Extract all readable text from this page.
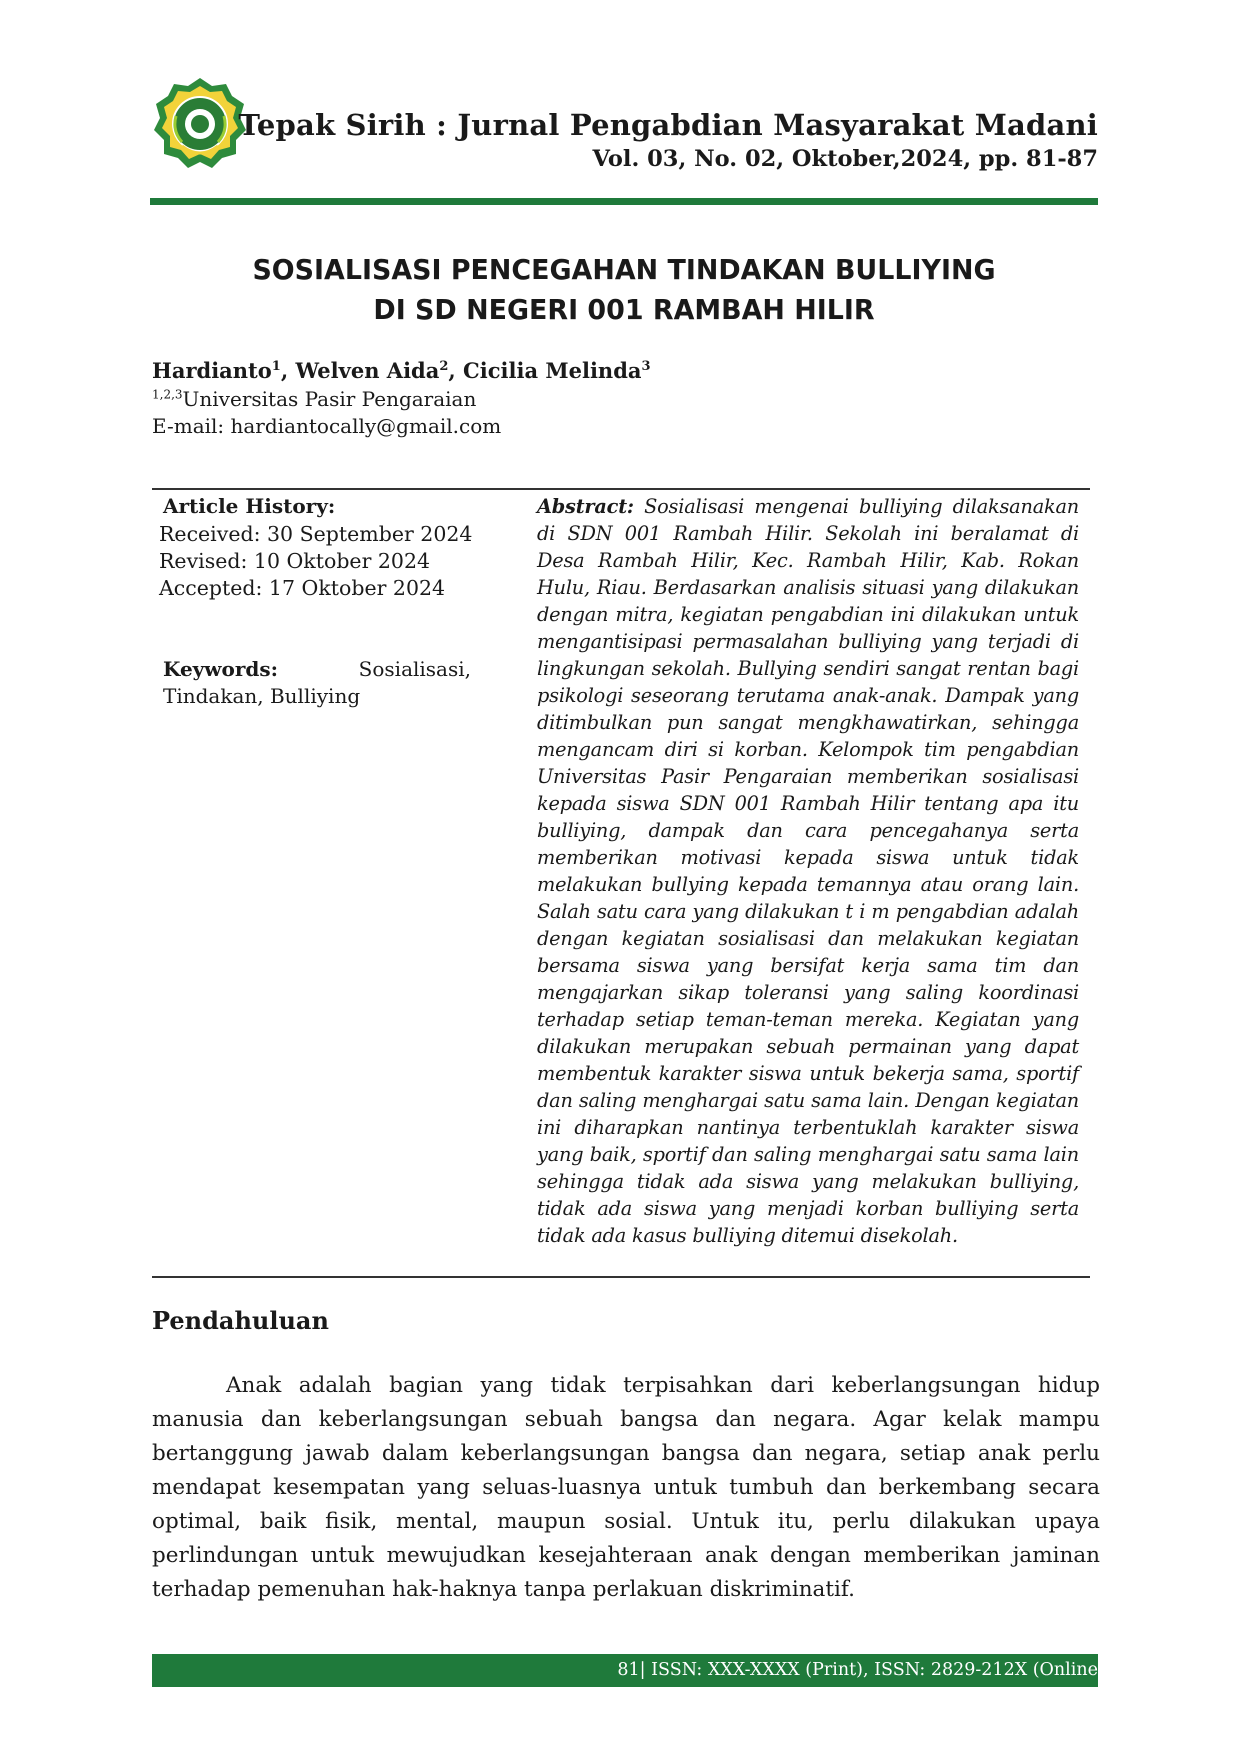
Tepak Sirih : Jurnal Pengabdian Masyarakat Madani
Vol. 03, No. 02, Oktober,2024, pp. 81-87
SOSIALISASI PENCEGAHAN TINDAKAN BULLIYING
DI SD NEGERI 001 RAMBAH HILIR
Hardianto$^1$, Welven Aida$^2$, Cicilia Melinda$^3$
$^{1,2,3}$Universitas Pasir Pengaraian
E-mail: hardiantocally@gmail.com
Article History:
Received: 30 September 2024
Revised: 10 Oktober 2024
Accepted: 17 Oktober 2024
Keywords:	Sosialisasi,
Tindakan, Bulliying
Abstract: Sosialisasi mengenai bulliying dilaksanakan di SDN 001 Rambah Hilir. Sekolah ini beralamat di Desa Rambah Hilir, Kec. Rambah Hilir, Kab. Rokan Hulu, Riau. Berdasarkan analisis situasi yang dilakukan dengan mitra, kegiatan pengabdian ini dilakukan untuk mengantisipasi permasalahan bulliying yang terjadi di lingkungan sekolah. Bullying sendiri sangat rentan bagi psikologi seseorang terutama anak-anak. Dampak yang ditimbulkan pun sangat mengkhawatirkan, sehingga mengancam diri si korban. Kelompok tim pengabdian Universitas Pasir Pengaraian memberikan sosialisasi kepada siswa SDN 001 Rambah Hilir tentang apa itu bulliying, dampak dan cara pencegahanya serta memberikan motivasi kepada siswa untuk tidak melakukan bullying kepada temannya atau orang lain. Salah satu cara yang dilakukan t i m pengabdian adalah dengan kegiatan sosialisasi dan melakukan kegiatan bersama siswa yang bersifat kerja sama tim dan mengajarkan sikap toleransi yang saling koordinasi terhadap setiap teman-teman mereka. Kegiatan yang dilakukan merupakan sebuah permainan yang dapat membentuk karakter siswa untuk bekerja sama, sportif dan saling menghargai satu sama lain. Dengan kegiatan ini diharapkan nantinya terbentuklah karakter siswa yang baik, sportif dan saling menghargai satu sama lain sehingga tidak ada siswa yang melakukan bulliying, tidak ada siswa yang menjadi korban bulliying serta tidak ada kasus bulliying ditemui disekolah.
Pendahuluan
Anak adalah bagian yang tidak terpisahkan dari keberlangsungan hidup manusia dan keberlangsungan sebuah bangsa dan negara. Agar kelak mampu bertanggung jawab dalam keberlangsungan bangsa dan negara, setiap anak perlu mendapat kesempatan yang seluas-luasnya untuk tumbuh dan berkembang secara optimal, baik fisik, mental, maupun sosial. Untuk itu, perlu dilakukan upaya perlindungan untuk mewujudkan kesejahteraan anak dengan memberikan jaminan terhadap pemenuhan hak-haknya tanpa perlakuan diskriminatif.
81| ISSN: XXX-XXXX (Print), ISSN: 2829-212X (Online
